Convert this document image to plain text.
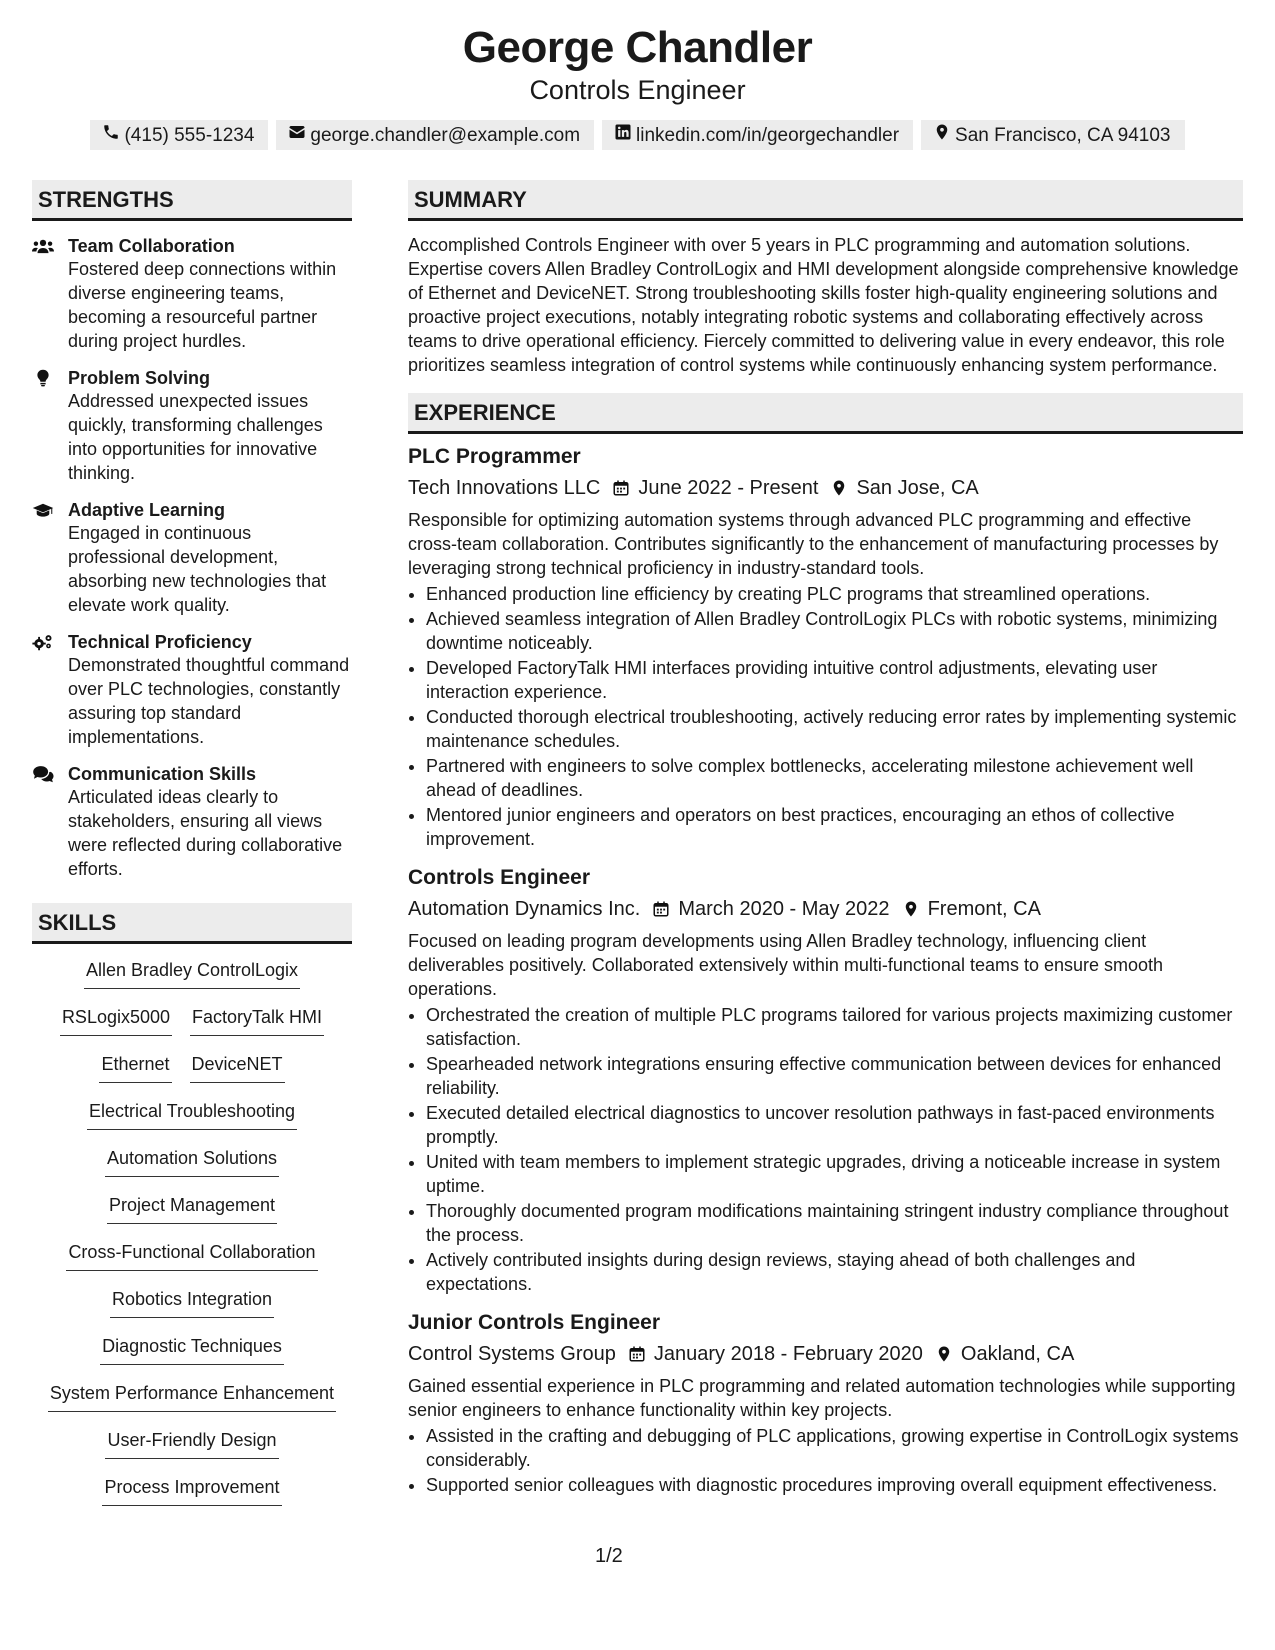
George Chandler
Controls Engineer
(415) 555-1234	george.chandler@example.com	linkedin.com/in/georgechandler	San Francisco, CA 94103
STRENGTHS
Team Collaboration
Fostered deep connections within diverse engineering teams, becoming a resourceful partner during project hurdles.
Problem Solving
Addressed unexpected issues quickly, transforming challenges into opportunities for innovative thinking.
Adaptive Learning
Engaged in continuous professional development, absorbing new technologies that elevate work quality.
Technical Proficiency
Demonstrated thoughtful command over PLC technologies, constantly assuring top standard implementations.
Communication Skills
Articulated ideas clearly to stakeholders, ensuring all views were reflected during collaborative efforts.
SKILLS
Allen Bradley ControlLogix
RSLogix5000 FactoryTalk HMI
Ethernet DeviceNET
Electrical Troubleshooting
Automation Solutions
Project Management
Cross-Functional Collaboration
Robotics Integration
Diagnostic Techniques
System Performance Enhancement
User-Friendly Design
Process Improvement
SUMMARY
Accomplished Controls Engineer with over 5 years in PLC programming and automation solutions. Expertise covers Allen Bradley ControlLogix and HMI development alongside comprehensive knowledge of Ethernet and DeviceNET. Strong troubleshooting skills foster high-quality engineering solutions and proactive project executions, notably integrating robotic systems and collaborating effectively across teams to drive operational efficiency. Fiercely committed to delivering value in every endeavor, this role prioritizes seamless integration of control systems while continuously enhancing system performance.
EXPERIENCE
PLC Programmer
Tech Innovations LLC June 2022 - Present San Jose, CA
Responsible for optimizing automation systems through advanced PLC programming and effective cross-team collaboration. Contributes significantly to the enhancement of manufacturing processes by leveraging strong technical proficiency in industry-standard tools.
• Enhanced production line efficiency by creating PLC programs that streamlined operations.
• Achieved seamless integration of Allen Bradley ControlLogix PLCs with robotic systems, minimizing downtime noticeably.
• Developed FactoryTalk HMI interfaces providing intuitive control adjustments, elevating user interaction experience.
• Conducted thorough electrical troubleshooting, actively reducing error rates by implementing systemic maintenance schedules.
• Partnered with engineers to solve complex bottlenecks, accelerating milestone achievement well ahead of deadlines.
• Mentored junior engineers and operators on best practices, encouraging an ethos of collective improvement.
Controls Engineer
Automation Dynamics Inc. March 2020 - May 2022 Fremont, CA
Focused on leading program developments using Allen Bradley technology, influencing client deliverables positively. Collaborated extensively within multi-functional teams to ensure smooth operations.
• Orchestrated the creation of multiple PLC programs tailored for various projects maximizing customer satisfaction.
• Spearheaded network integrations ensuring effective communication between devices for enhanced reliability.
• Executed detailed electrical diagnostics to uncover resolution pathways in fast-paced environments promptly.
• United with team members to implement strategic upgrades, driving a noticeable increase in system uptime.
• Thoroughly documented program modifications maintaining stringent industry compliance throughout the process.
• Actively contributed insights during design reviews, staying ahead of both challenges and expectations.
Junior Controls Engineer
Control Systems Group January 2018 - February 2020 Oakland, CA
Gained essential experience in PLC programming and related automation technologies while supporting senior engineers to enhance functionality within key projects.
• Assisted in the crafting and debugging of PLC applications, growing expertise in ControlLogix systems considerably.
• Supported senior colleagues with diagnostic procedures improving overall equipment effectiveness.
1/2
